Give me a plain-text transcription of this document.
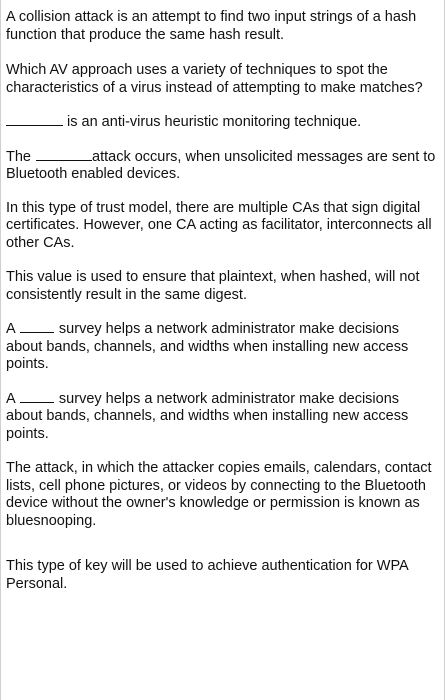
A collision attack is an attempt to find two input strings of a hash function that produce the same hash result.

Which AV approach uses a variety of techniques to spot the characteristics of a virus instead of attempting to make matches?

is an anti-virus heuristic monitoring technique.

The	attack occurs, when unsolicited messages are sent to Bluetooth enabled devices.

In this type of trust model, there are multiple CAs that sign digital certificates. However, one CA acting as facilitator, interconnects all other CAs.

This value is used to ensure that plaintext, when hashed, will not consistently result in the same digest.

A  survey helps a network administrator make decisions about bands, channels, and widths when installing new access points.

A  survey helps a network administrator make decisions about bands, channels, and widths when installing new access points.

The attack, in which the attacker copies emails, calendars, contact lists, cell phone pictures, or videos by connecting to the Bluetooth device without the owner's knowledge or permission is known as bluesnooping.

This type of key will be used to achieve authentication for WPA Personal.
